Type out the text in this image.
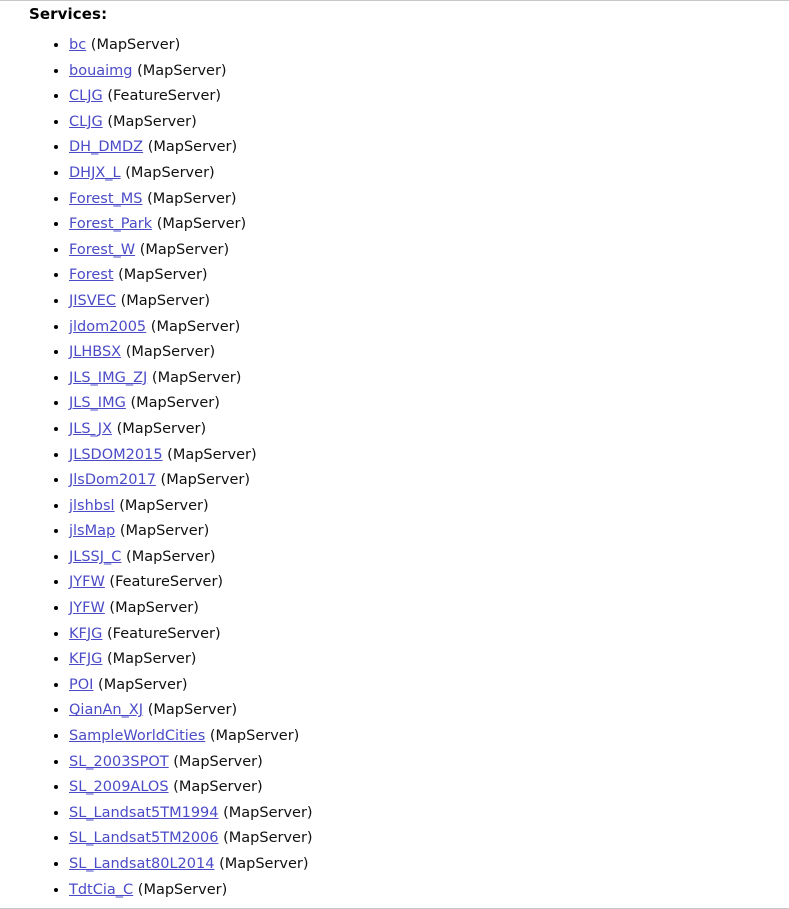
Services:
• bc (MapServer)
• bouaimg (MapServer)
• CLJG (FeatureServer)
• CLJG (MapServer)
• DH_DMDZ (MapServer)
• DHJX_L (MapServer)
• Forest_MS (MapServer)
• Forest_Park (MapServer)
• Forest_W (MapServer)
• Forest (MapServer)
• JISVEC (MapServer)
• jldom2005 (MapServer)
• JLHBSX (MapServer)
• JLS_IMG_ZJ (MapServer)
• JLS_IMG (MapServer)
• JLS_JX (MapServer)
• JLSDOM2015 (MapServer)
• JlsDom2017 (MapServer)
• jlshbsl (MapServer)
• jlsMap (MapServer)
• JLSSJ_C (MapServer)
• JYFW (FeatureServer)
• JYFW (MapServer)
• KFJG (FeatureServer)
• KFJG (MapServer)
• POI (MapServer)
• QianAn_XJ (MapServer)
• SampleWorldCities (MapServer)
• SL_2003SPOT (MapServer)
• SL_2009ALOS (MapServer)
• SL_Landsat5TM1994 (MapServer)
• SL_Landsat5TM2006 (MapServer)
• SL_Landsat80L2014 (MapServer)
• TdtCia_C (MapServer)
